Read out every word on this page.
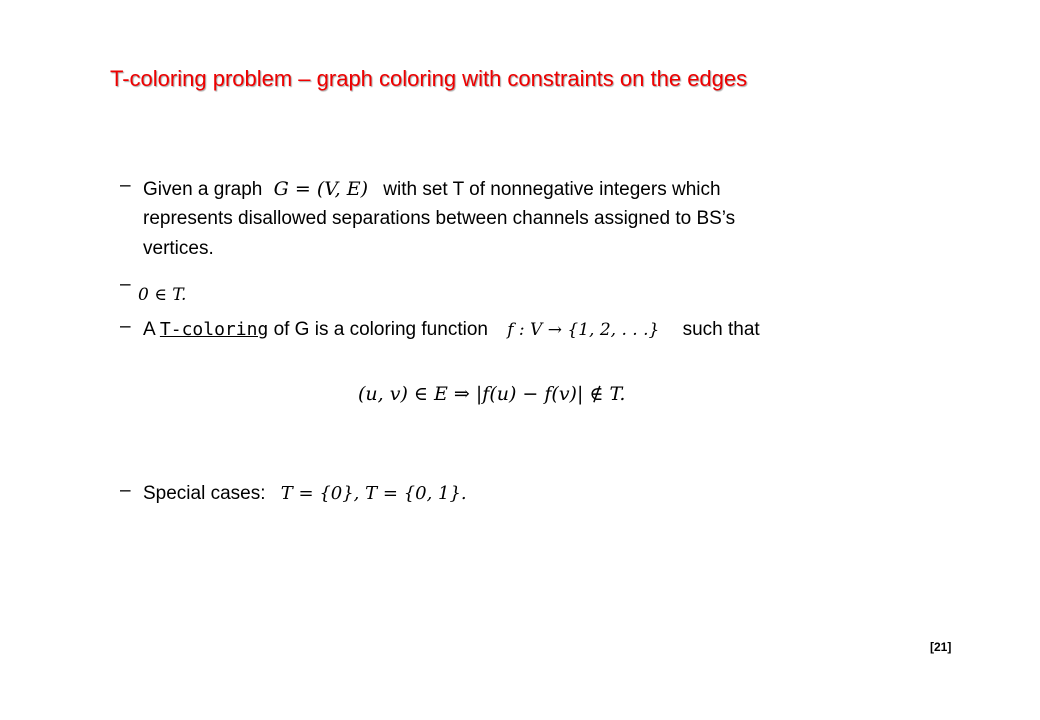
T-coloring problem – graph coloring with constraints on the edges
– Given a graph G = (V, E) with set T of nonnegative integers which
represents disallowed separations between channels assigned to BS’s
vertices.
– 0 ∈ T.
– A T-coloring of G is a coloring function f : V → {1, 2, . . .} such that
(u, v) ∈ E ⇒ |f(u) − f(v)| ∉ T.
– Special cases: T = {0}, T = {0, 1}.
[21]
